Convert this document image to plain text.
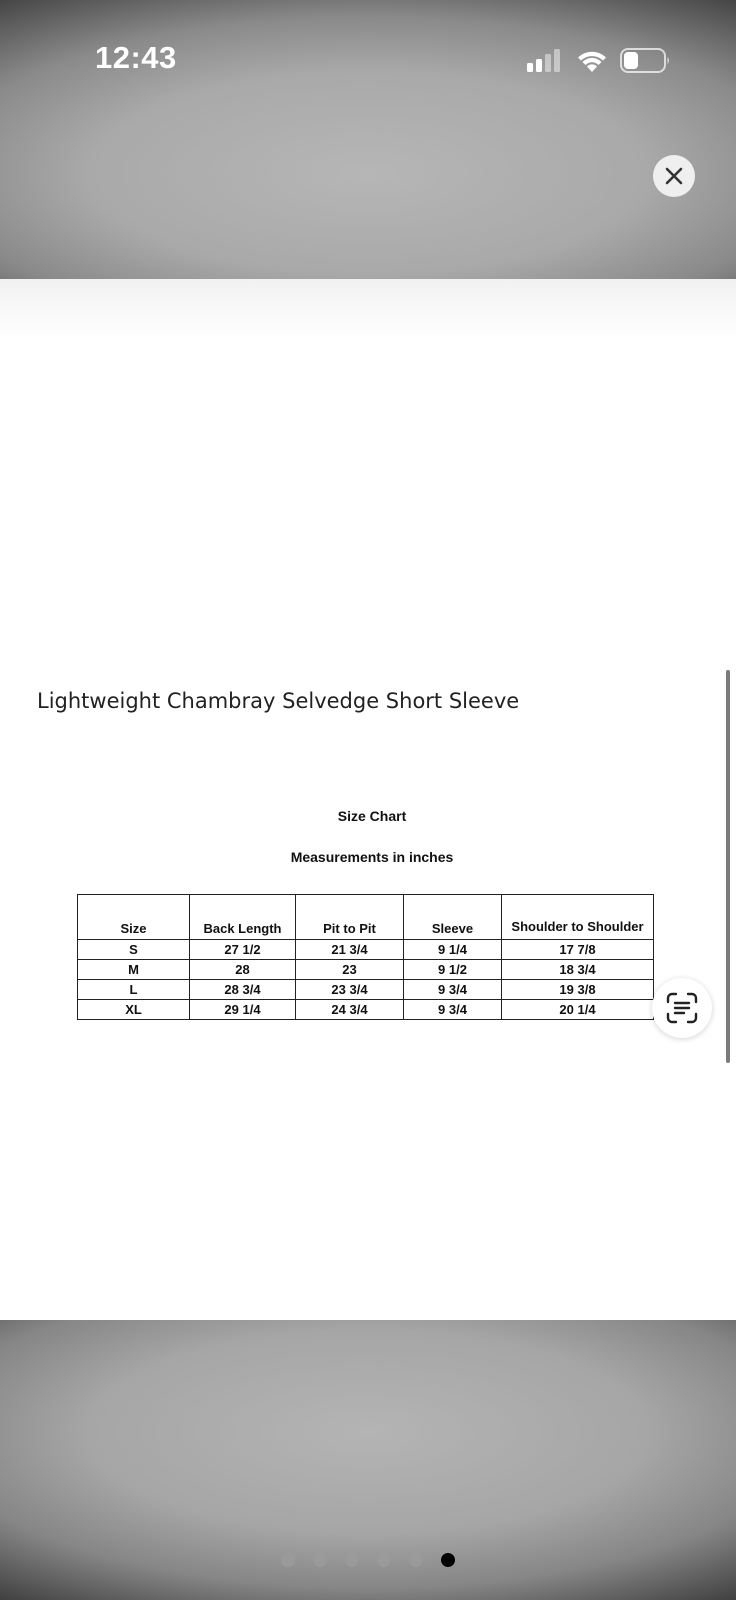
12:43
Lightweight Chambray Selvedge Short Sleeve
Size Chart
Measurements in inches
Size	Back Length	Pit to Pit	Sleeve	Shoulder to Shoulder
S	27 1/2	21 3/4	9 1/4	17 7/8
M	28	23	9 1/2	18 3/4
L	28 3/4	23 3/4	9 3/4	19 3/8
XL	29 1/4	24 3/4	9 3/4	20 1/4
